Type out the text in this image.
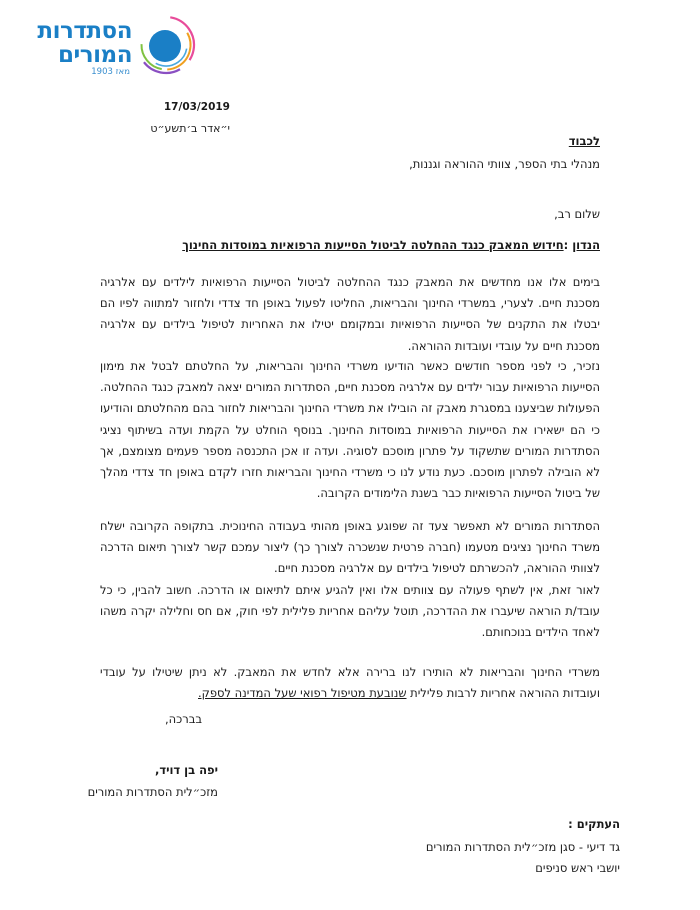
הסתדרות
המורים
מאז 1903
17/03/2019
י״אדר ב׳תשע״ט
לכבוד
מנהלי בתי הספר, צוותי ההוראה וגננות,
שלום רב,
הנדון :חידוש המאבק כנגד ההחלטה לביטול הסייעות הרפואיות במוסדות החינוך

בימים אלו אנו מחדשים את המאבק כנגד ההחלטה לביטול הסייעות הרפואיות לילדים עם אלרגיה מסכנת חיים. לצערי, במשרדי החינוך והבריאות, החליטו לפעול באופן חד צדדי ולחזור למתווה לפיו הם יבטלו את התקנים של הסייעות הרפואיות ובמקומם יטילו את האחריות לטיפול בילדים עם אלרגיה מסכנת חיים על עובדי ועובדות ההוראה.

נזכיר, כי לפני מספר חודשים כאשר הודיעו משרדי החינוך והבריאות, על החלטתם לבטל את מימון הסייעות הרפואיות עבור ילדים עם אלרגיה מסכנת חיים, הסתדרות המורים יצאה למאבק כנגד ההחלטה. הפעולות שביצענו במסגרת מאבק זה הובילו את משרדי החינוך והבריאות לחזור בהם מהחלטתם והודיעו כי הם ישאירו את הסייעות הרפואיות במוסדות החינוך. בנוסף הוחלט על הקמת ועדה בשיתוף נציגי הסתדרות המורים שתשקוד על פתרון מוסכם לסוגיה. ועדה זו אכן התכנסה מספר פעמים מצומצם, אך לא הובילה לפתרון מוסכם. כעת נודע לנו כי משרדי החינוך והבריאות חזרו לקדם באופן חד צדדי מהלך של ביטול הסייעות הרפואיות כבר בשנת הלימודים הקרובה.

הסתדרות המורים לא תאפשר צעד זה שפוגע באופן מהותי בעבודה החינוכית. בתקופה הקרובה ישלח משרד החינוך נציגים מטעמו (חברה פרטית שנשכרה לצורך כך) ליצור עמכם קשר לצורך תיאום הדרכה לצוותי ההוראה, להכשרתם לטיפול בילדים עם אלרגיה מסכנת חיים.

לאור זאת, אין לשתף פעולה עם צוותים אלו ואין להגיע איתם לתיאום או הדרכה. חשוב להבין, כי כל עובד/ת הוראה שיעברו את ההדרכה, תוטל עליהם אחריות פלילית לפי חוק, אם חס וחלילה יקרה משהו לאחד הילדים בנוכחותם.

משרדי החינוך והבריאות לא הותירו לנו ברירה אלא לחדש את המאבק. לא ניתן שיטילו על עובדי ועובדות ההוראה אחריות לרבות פלילית שנובעת מטיפול רפואי שעל המדינה לספק.

בברכה,
יפה בן דויד,
מזכ״לית הסתדרות המורים
העתקים :
גד דיעי - סגן מזכ״לית הסתדרות המורים
יושבי ראש סניפים
